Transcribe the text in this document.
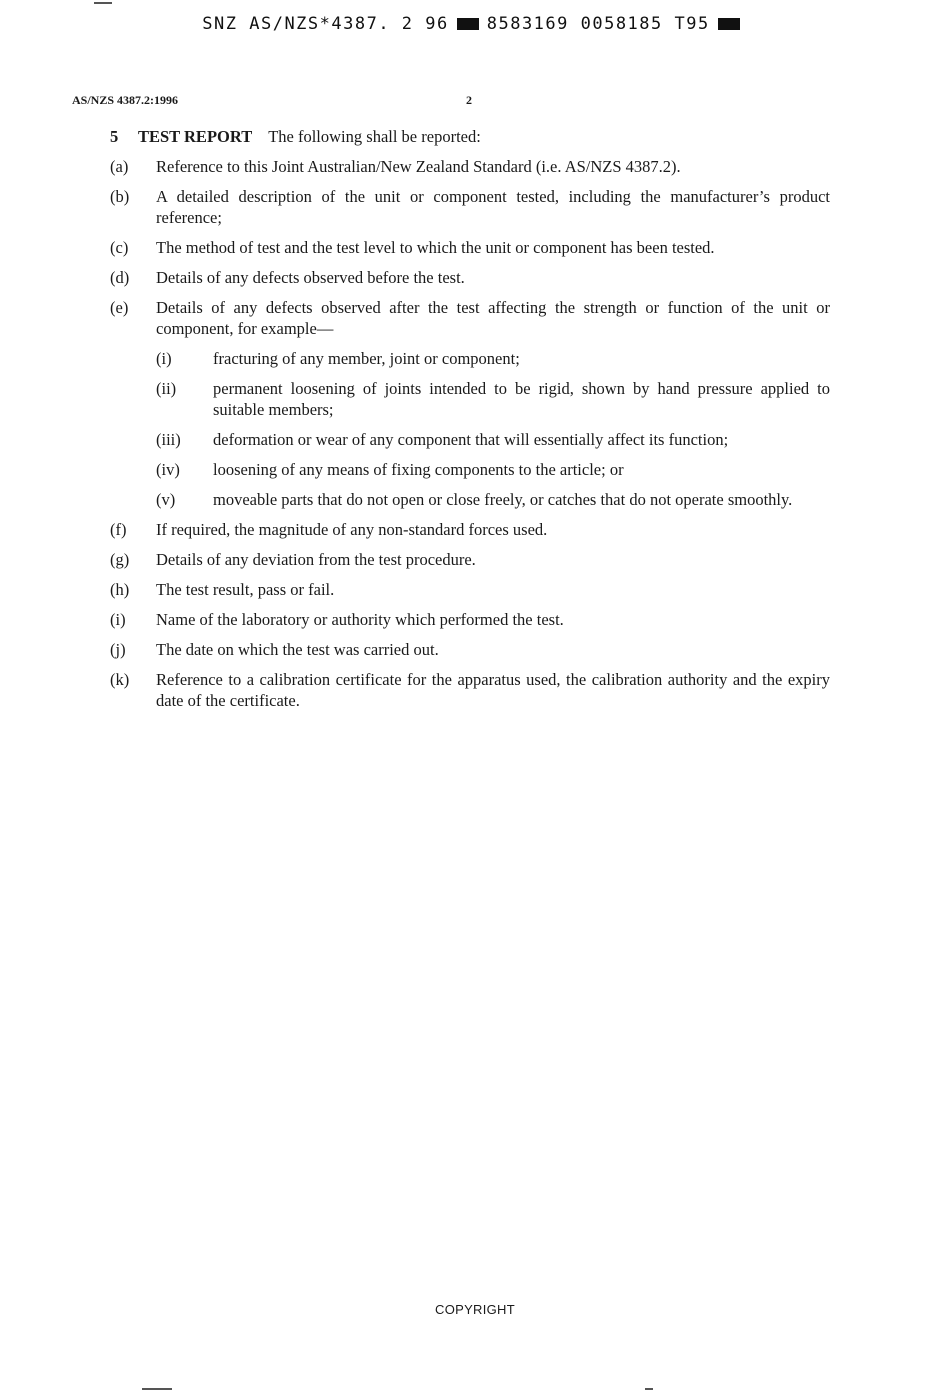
SNZ AS/NZS*4387. 2 96 8583169 0058185 T95
AS/NZS 4387.2:1996	2
5 TEST REPORT The following shall be reported:
(a)	Reference to this Joint Australian/New Zealand Standard (i.e. AS/NZS 4387.2).
(b)	A detailed description of the unit or component tested, including the manufacturer’s product reference;
(c)	The method of test and the test level to which the unit or component has been tested.
(d)	Details of any defects observed before the test.
(e)	Details of any defects observed after the test affecting the strength or function of the unit or component, for example—
(i)	fracturing of any member, joint or component;
(ii)	permanent loosening of joints intended to be rigid, shown by hand pressure applied to suitable members;
(iii)	deformation or wear of any component that will essentially affect its function;
(iv)	loosening of any means of fixing components to the article; or
(v)	moveable parts that do not open or close freely, or catches that do not operate smoothly.
(f)	If required, the magnitude of any non-standard forces used.
(g)	Details of any deviation from the test procedure.
(h)	The test result, pass or fail.
(i)	Name of the laboratory or authority which performed the test.
(j)	The date on which the test was carried out.
(k)	Reference to a calibration certificate for the apparatus used, the calibration authority and the expiry date of the certificate.
COPYRIGHT
